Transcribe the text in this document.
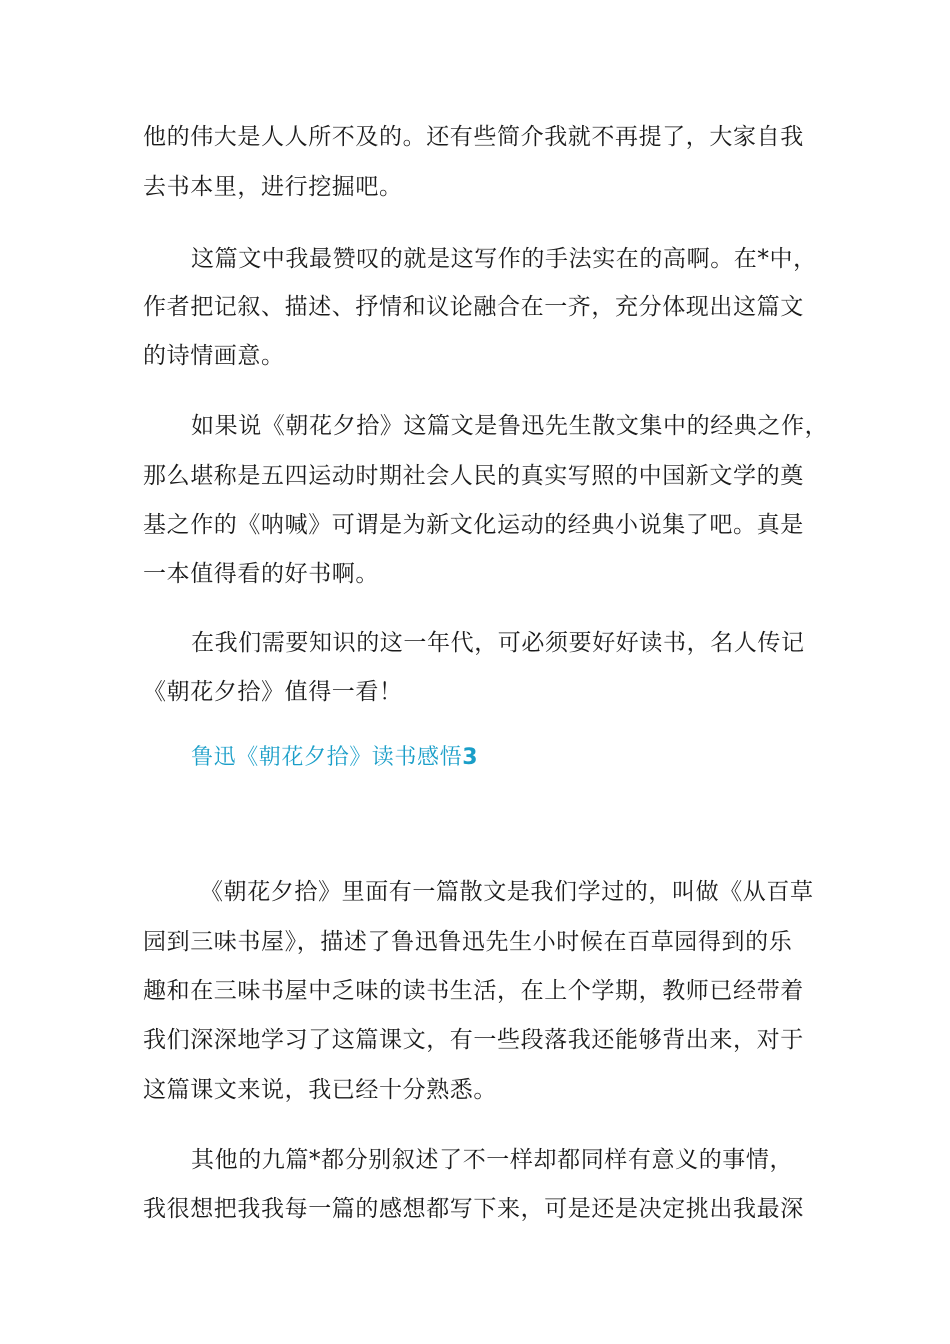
他的伟大是人人所不及的。还有些简介我就不再提了，大家自我
去书本里，进行挖掘吧。
这篇文中我最赞叹的就是这写作的手法实在的高啊。在*中，
作者把记叙、描述、抒情和议论融合在一齐，充分体现出这篇文
的诗情画意。
如果说《朝花夕拾》这篇文是鲁迅先生散文集中的经典之作，
那么堪称是五四运动时期社会人民的真实写照的中国新文学的奠
基之作的《呐喊》可谓是为新文化运动的经典小说集了吧。真是
一本值得看的好书啊。
在我们需要知识的这一年代，可必须要好好读书，名人传记
《朝花夕拾》值得一看！
鲁迅《朝花夕拾》读书感悟3
《朝花夕拾》里面有一篇散文是我们学过的，叫做《从百草
园到三味书屋》，描述了鲁迅鲁迅先生小时候在百草园得到的乐
趣和在三味书屋中乏味的读书生活，在上个学期，教师已经带着
我们深深地学习了这篇课文，有一些段落我还能够背出来，对于
这篇课文来说，我已经十分熟悉。
其他的九篇*都分别叙述了不一样却都同样有意义的事情，
我很想把我我每一篇的感想都写下来，可是还是决定挑出我最深
